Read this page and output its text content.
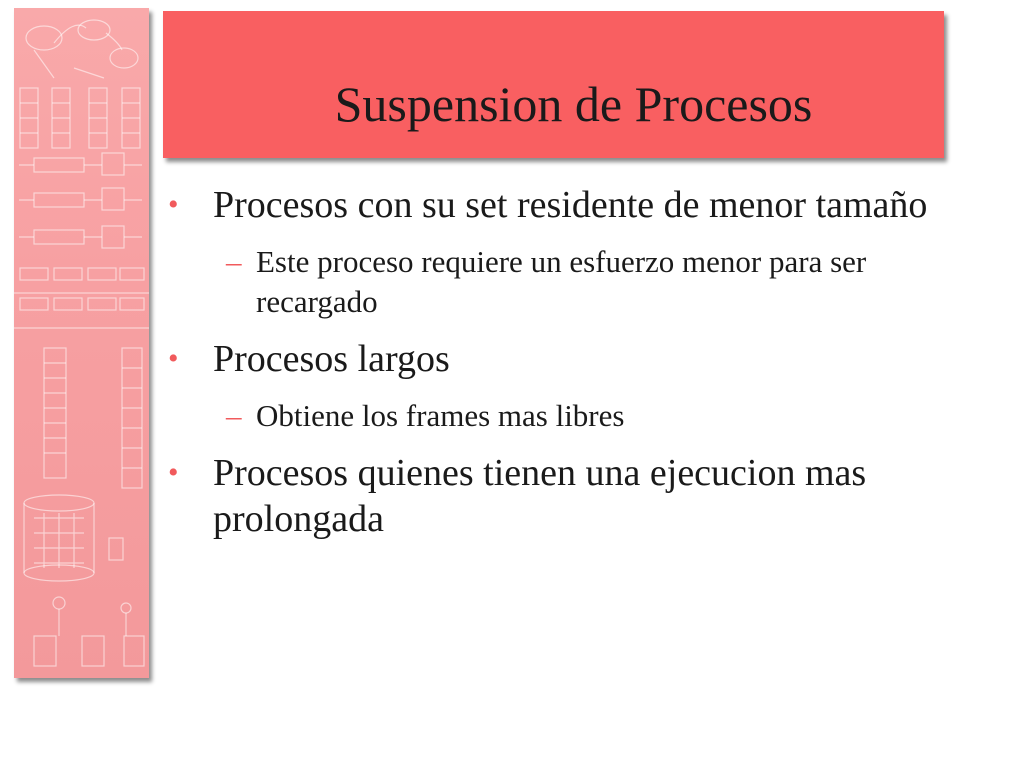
Suspension de Procesos
• Procesos con su set residente de menor tamaño
– Este proceso requiere un esfuerzo menor para ser recargado
• Procesos largos
– Obtiene los frames mas libres
• Procesos quienes tienen una ejecucion mas prolongada
